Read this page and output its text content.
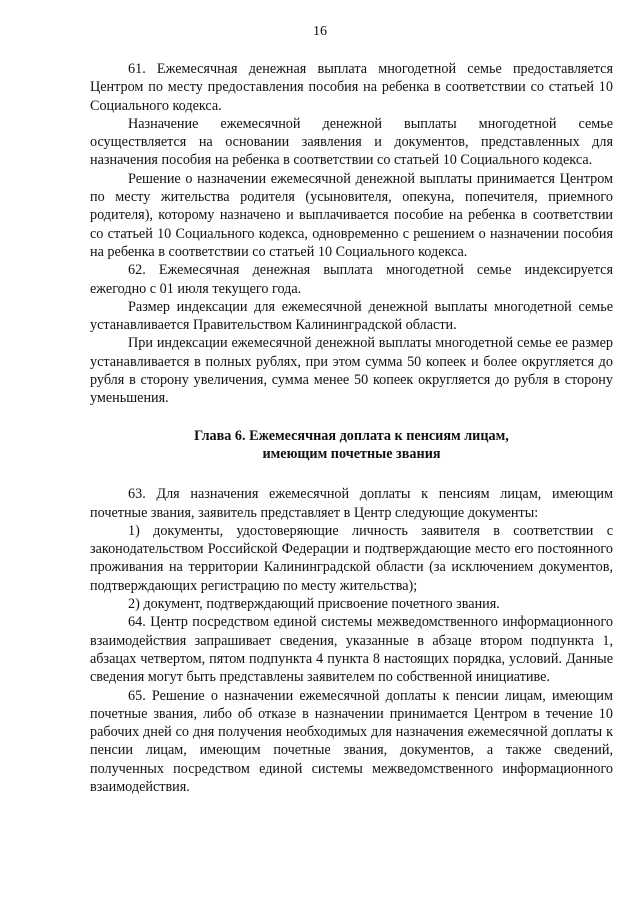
16

61. Ежемесячная денежная выплата многодетной семье предоставляется Центром по месту предоставления пособия на ребенка в соответствии со статьей 10 Социального кодекса.

Назначение ежемесячной денежной выплаты многодетной семье осуществляется на основании заявления и документов, представленных для назначения пособия на ребенка в соответствии со статьей 10 Социального кодекса.

Решение о назначении ежемесячной денежной выплаты принимается Центром по месту жительства родителя (усыновителя, опекуна, попечителя, приемного родителя), которому назначено и выплачивается пособие на ребенка в соответствии со статьей 10 Социального кодекса, одновременно с решением о назначении пособия на ребенка в соответствии со статьей 10 Социального кодекса.

62. Ежемесячная денежная выплата многодетной семье индексируется ежегодно с 01 июля текущего года.

Размер индексации для ежемесячной денежной выплаты многодетной семье устанавливается Правительством Калининградской области.

При индексации ежемесячной денежной выплаты многодетной семье ее размер устанавливается в полных рублях, при этом сумма 50 копеек и более округляется до рубля в сторону увеличения, сумма менее 50 копеек округляется до рубля в сторону уменьшения.

Глава 6. Ежемесячная доплата к пенсиям лицам,
имеющим почетные звания

63. Для назначения ежемесячной доплаты к пенсиям лицам, имеющим почетные звания, заявитель представляет в Центр следующие документы:

1) документы, удостоверяющие личность заявителя в соответствии с законодательством Российской Федерации и подтверждающие место его постоянного проживания на территории Калининградской области (за исключением документов, подтверждающих регистрацию по месту жительства);

2) документ, подтверждающий присвоение почетного звания.

64. Центр посредством единой системы межведомственного информационного взаимодействия запрашивает сведения, указанные в абзаце втором подпункта 1, абзацах четвертом, пятом подпункта 4 пункта 8 настоящих порядка, условий. Данные сведения могут быть представлены заявителем по собственной инициативе.

65. Решение о назначении ежемесячной доплаты к пенсии лицам, имеющим почетные звания, либо об отказе в назначении принимается Центром в течение 10 рабочих дней со дня получения необходимых для назначения ежемесячной доплаты к пенсии лицам, имеющим почетные звания, документов, а также сведений, полученных посредством единой системы межведомственного информационного взаимодействия.
